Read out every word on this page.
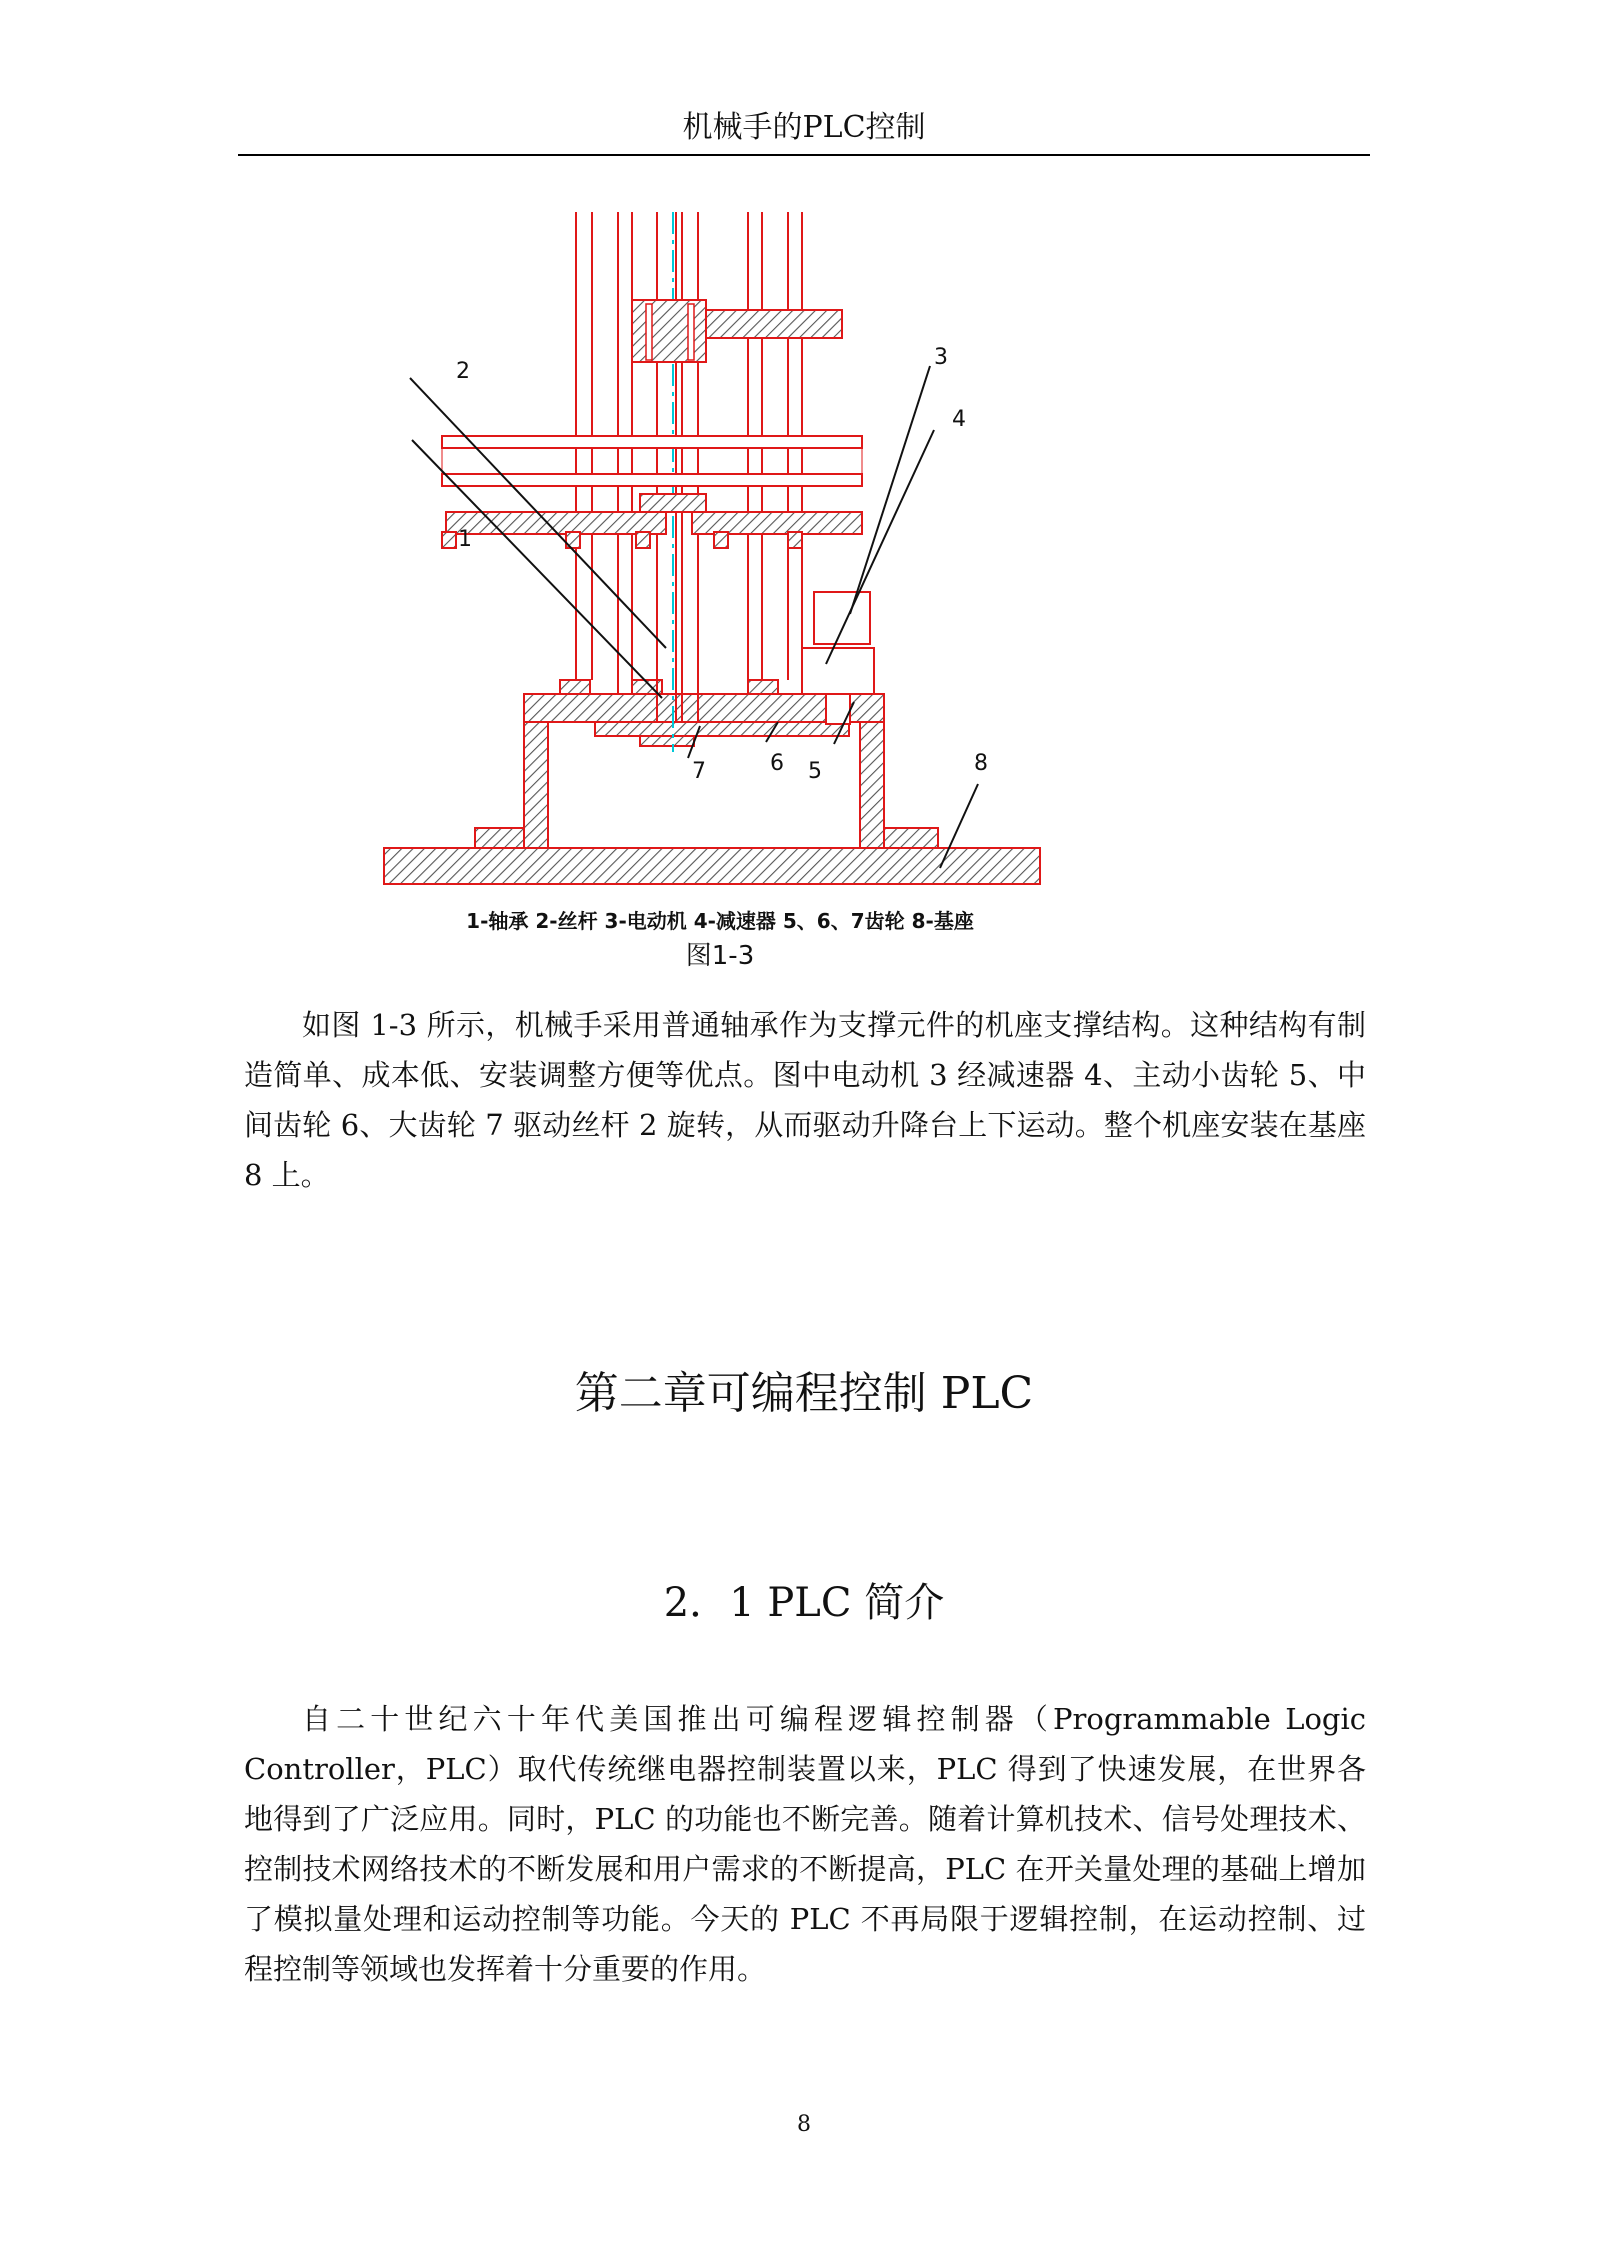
机械手的PLC控制
1
2
3
4
5
6
7	8
1-轴承 2-丝杆 3-电动机 4-减速器 5、6、7齿轮 8-基座
图1-3

如图 1-3 所示，机械手采用普通轴承作为支撑元件的机座支撑结构。这种结构有制造简单、成本低、安装调整方便等优点。图中电动机 3 经减速器 4、主动小齿轮 5、中间齿轮 6、大齿轮 7 驱动丝杆 2 旋转，从而驱动升降台上下运动。整个机座安装在基座 8 上。

第二章可编程控制 PLC
2．1 PLC 简介

自二十世纪六十年代美国推出可编程逻辑控制器（Programmable Logic Controller，PLC）取代传统继电器控制装置以来，PLC 得到了快速发展，在世界各地得到了广泛应用。同时，PLC 的功能也不断完善。随着计算机技术、信号处理技术、控制技术网络技术的不断发展和用户需求的不断提高，PLC 在开关量处理的基础上增加了模拟量处理和运动控制等功能。今天的 PLC 不再局限于逻辑控制，在运动控制、过程控制等领域也发挥着十分重要的作用。

8
